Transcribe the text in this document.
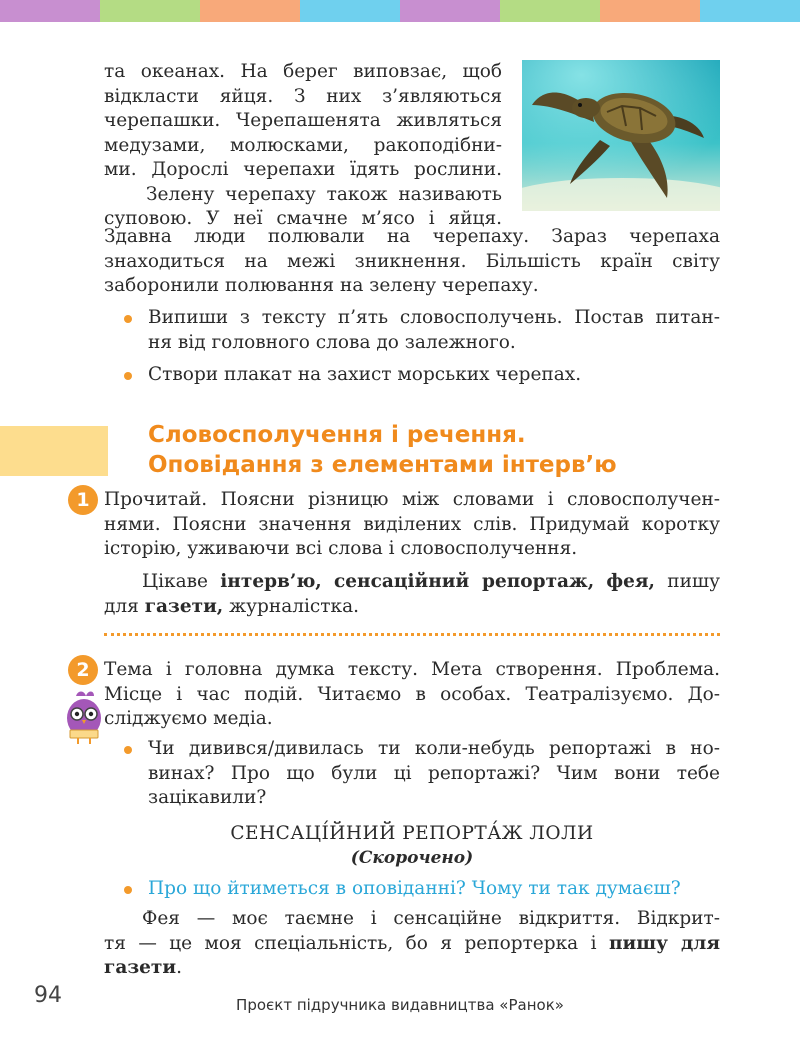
та океанах. На берег виповзає, щоб

відкласти яйця. З них з’являються

черепашки. Черепашенята живляться

медузами, молюсками, ракоподібни-

ми. Дорослі черепахи їдять рослини.

Зелену черепаху також називають

суповою. У неї смачне м’ясо і яйця.

Здавна люди полювали на черепаху. Зараз черепаха

знаходиться на межі зникнення. Більшість країн світу

заборонили полювання на зелену черепаху.

Випиши з тексту п’ять словосполучень. Постав питан-
ня від головного слова до залежного.
Створи плакат на захист морських черепах.
Словосполучення і речення.
Оповідання з елементами інтерв’ю
1 Прочитай. Поясни різницю між словами і словосполучен-

нями. Поясни значення виділених слів. Придумай коротку

історію, уживаючи всі слова і словосполучення.

Цікаве інтерв’ю, сенсаційний репортаж, фея, пишу для газети, журналістка.
2 Тема і головна думка тексту. Мета створення. Проблема.

Місце і час подій. Читаємо в особах. Театралізуємо. До-

сліджуємо медіа.

Чи дивився/дивилась ти коли-небудь репортажі в но-
винах? Про що були ці репортажі? Чим вони тебе
зацікавили?
СЕНСАЦІ́ЙНИЙ РЕПОРТА́Ж ЛОЛИ
(Скорочено)
Про що йтиметься в оповіданні? Чому ти так думаєш?

Фея — моє таємне і сенсаційне відкриття. Відкрит-

тя — це моя спеціальність, бо я репортерка і пишу для

газети.

94	Проєкт підручника видавництва «Ранок»
